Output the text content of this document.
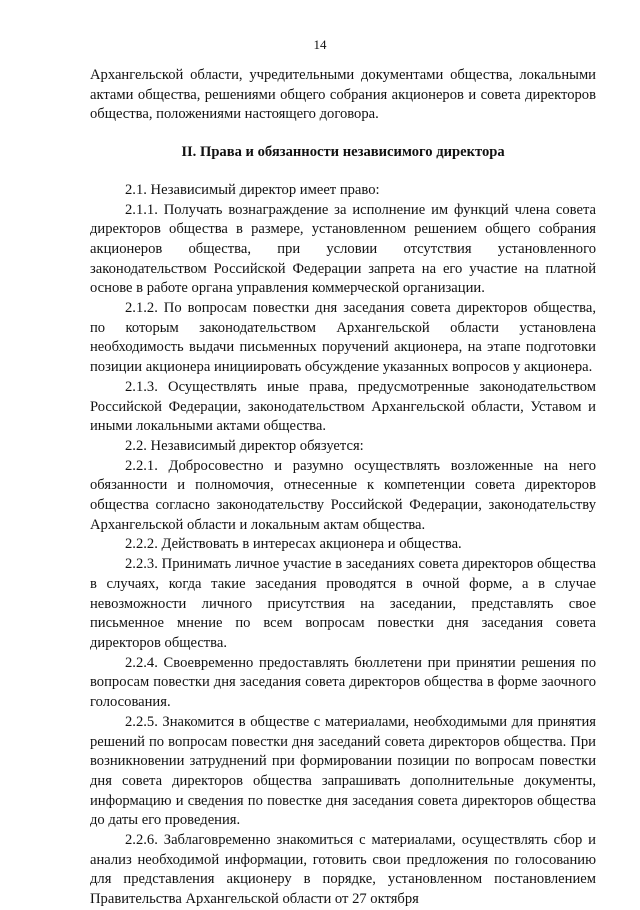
14

Архангельской области, учредительными документами общества, локальными актами общества, решениями общего собрания акционеров и совета директоров общества, положениями настоящего договора.

II. Права и обязанности независимого директора

2.1. Независимый директор имеет право:

2.1.1. Получать вознаграждение за исполнение им функций члена совета директоров общества в размере, установленном решением общего собрания акционеров общества, при условии отсутствия установленного законодательством Российской Федерации запрета на его участие на платной основе в работе органа управления коммерческой организации.

2.1.2. По вопросам повестки дня заседания совета директоров общества, по которым законодательством Архангельской области установлена необходимость выдачи письменных поручений акционера, на этапе подготовки позиции акционера инициировать обсуждение указанных вопросов у акционера.

2.1.3. Осуществлять иные права, предусмотренные законодательством Российской Федерации, законодательством Архангельской области, Уставом и иными локальными актами общества.

2.2. Независимый директор обязуется:

2.2.1. Добросовестно и разумно осуществлять возложенные на него обязанности и полномочия, отнесенные к компетенции совета директоров общества согласно законодательству Российской Федерации, законодательству Архангельской области и локальным актам общества.

2.2.2. Действовать в интересах акционера и общества.

2.2.3. Принимать личное участие в заседаниях совета директоров общества в случаях, когда такие заседания проводятся в очной форме, а в случае невозможности личного присутствия на заседании, представлять свое письменное мнение по всем вопросам повестки дня заседания совета директоров общества.

2.2.4. Своевременно предоставлять бюллетени при принятии решения по вопросам повестки дня заседания совета директоров общества в форме заочного голосования.

2.2.5. Знакомится в обществе с материалами, необходимыми для принятия решений по вопросам повестки дня заседаний совета директоров общества. При возникновении затруднений при формировании позиции по вопросам повестки дня совета директоров общества запрашивать дополнительные документы, информацию и сведения по повестке дня заседания совета директоров общества до даты его проведения.

2.2.6. Заблаговременно знакомиться с материалами, осуществлять сбор и анализ необходимой информации, готовить свои предложения по голосованию для представления акционеру в порядке, установленном постановлением Правительства Архангельской области от 27 октября
